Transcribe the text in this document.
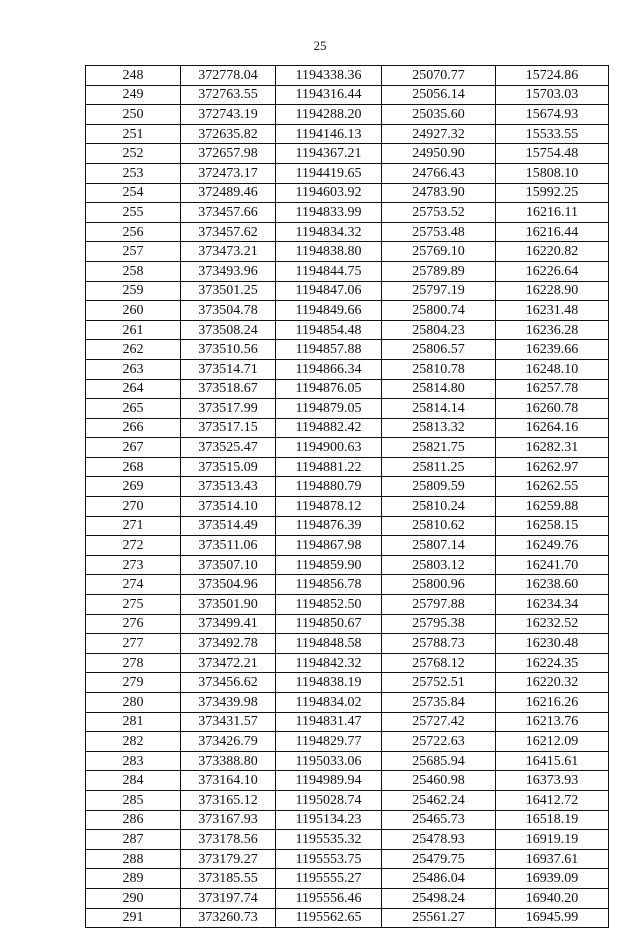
25
248	372778.04	1194338.36	25070.77	15724.86
249	372763.55	1194316.44	25056.14	15703.03
250	372743.19	1194288.20	25035.60	15674.93
251	372635.82	1194146.13	24927.32	15533.55
252	372657.98	1194367.21	24950.90	15754.48
253	372473.17	1194419.65	24766.43	15808.10
254	372489.46	1194603.92	24783.90	15992.25
255	373457.66	1194833.99	25753.52	16216.11
256	373457.62	1194834.32	25753.48	16216.44
257	373473.21	1194838.80	25769.10	16220.82
258	373493.96	1194844.75	25789.89	16226.64
259	373501.25	1194847.06	25797.19	16228.90
260	373504.78	1194849.66	25800.74	16231.48
261	373508.24	1194854.48	25804.23	16236.28
262	373510.56	1194857.88	25806.57	16239.66
263	373514.71	1194866.34	25810.78	16248.10
264	373518.67	1194876.05	25814.80	16257.78
265	373517.99	1194879.05	25814.14	16260.78
266	373517.15	1194882.42	25813.32	16264.16
267	373525.47	1194900.63	25821.75	16282.31
268	373515.09	1194881.22	25811.25	16262.97
269	373513.43	1194880.79	25809.59	16262.55
270	373514.10	1194878.12	25810.24	16259.88
271	373514.49	1194876.39	25810.62	16258.15
272	373511.06	1194867.98	25807.14	16249.76
273	373507.10	1194859.90	25803.12	16241.70
274	373504.96	1194856.78	25800.96	16238.60
275	373501.90	1194852.50	25797.88	16234.34
276	373499.41	1194850.67	25795.38	16232.52
277	373492.78	1194848.58	25788.73	16230.48
278	373472.21	1194842.32	25768.12	16224.35
279	373456.62	1194838.19	25752.51	16220.32
280	373439.98	1194834.02	25735.84	16216.26
281	373431.57	1194831.47	25727.42	16213.76
282	373426.79	1194829.77	25722.63	16212.09
283	373388.80	1195033.06	25685.94	16415.61
284	373164.10	1194989.94	25460.98	16373.93
285	373165.12	1195028.74	25462.24	16412.72
286	373167.93	1195134.23	25465.73	16518.19
287	373178.56	1195535.32	25478.93	16919.19
288	373179.27	1195553.75	25479.75	16937.61
289	373185.55	1195555.27	25486.04	16939.09
290	373197.74	1195556.46	25498.24	16940.20
291	373260.73	1195562.65	25561.27	16945.99
